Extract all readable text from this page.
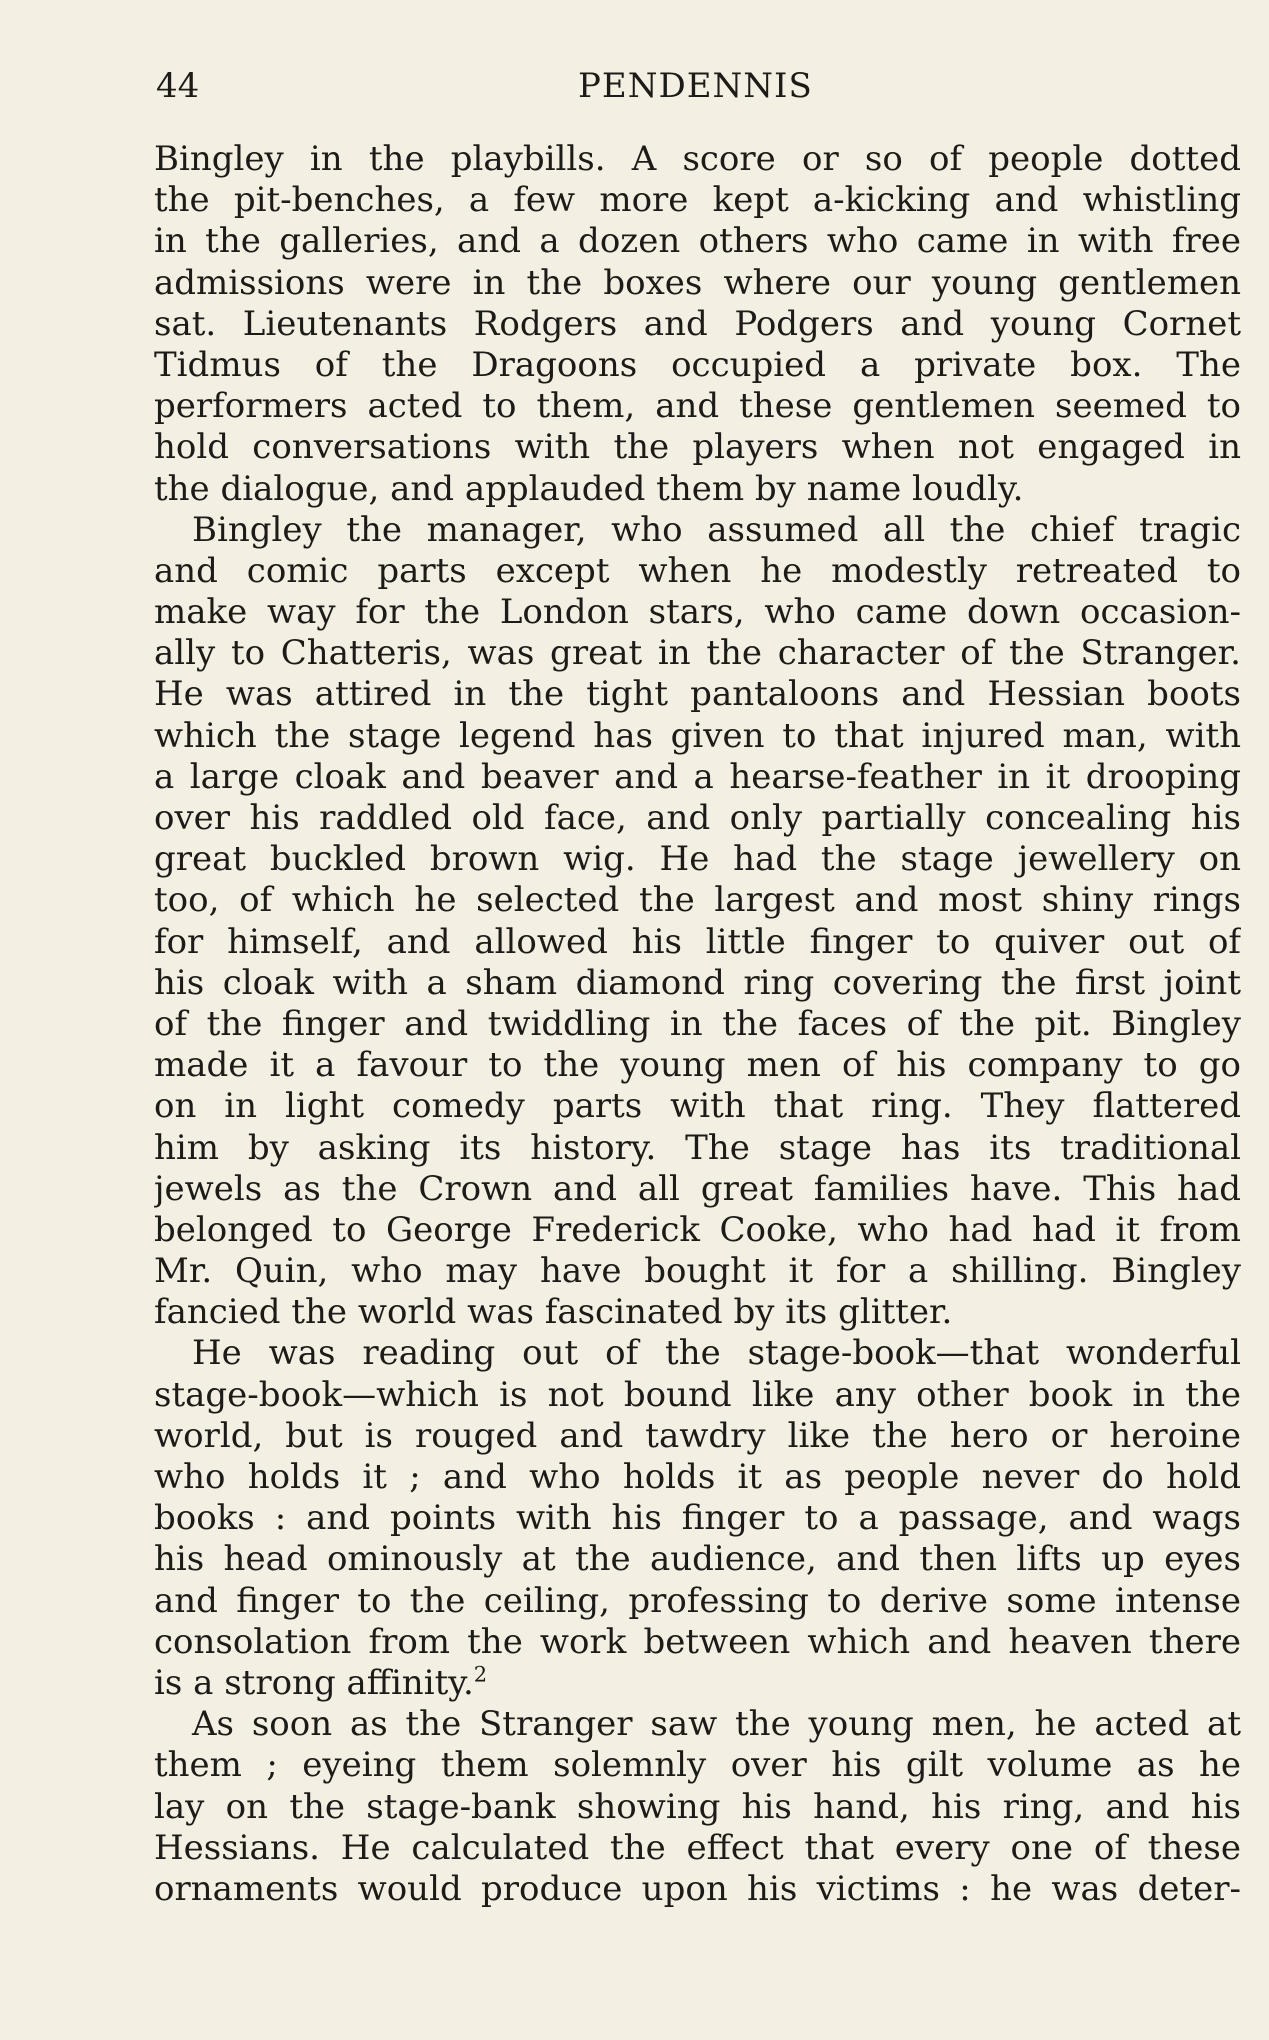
44	PENDENNIS
Bingley in the playbills. A score or so of people dotted
the pit-benches, a few more kept a-kicking and whistling
in the galleries, and a dozen others who came in with free
admissions were in the boxes where our young gentlemen
sat. Lieutenants Rodgers and Podgers and young Cornet
Tidmus of the Dragoons occupied a private box. The
performers acted to them, and these gentlemen seemed to
hold conversations with the players when not engaged in
the dialogue, and applauded them by name loudly.
Bingley the manager, who assumed all the chief tragic
and comic parts except when he modestly retreated to
make way for the London stars, who came down occasion-
ally to Chatteris, was great in the character of the Stranger.
He was attired in the tight pantaloons and Hessian boots
which the stage legend has given to that injured man, with
a large cloak and beaver and a hearse-feather in it drooping
over his raddled old face, and only partially concealing his
great buckled brown wig. He had the stage jewellery on
too, of which he selected the largest and most shiny rings
for himself, and allowed his little finger to quiver out of
his cloak with a sham diamond ring covering the first joint
of the finger and twiddling in the faces of the pit. Bingley
made it a favour to the young men of his company to go
on in light comedy parts with that ring. They flattered
him by asking its history. The stage has its traditional
jewels as the Crown and all great families have. This had
belonged to George Frederick Cooke, who had had it from
Mr. Quin, who may have bought it for a shilling. Bingley
fancied the world was fascinated by its glitter.
He was reading out of the stage-book—that wonderful
stage-book—which is not bound like any other book in the
world, but is rouged and tawdry like the hero or heroine
who holds it ; and who holds it as people never do hold
books : and points with his finger to a passage, and wags
his head ominously at the audience, and then lifts up eyes
and finger to the ceiling, professing to derive some intense
consolation from the work between which and heaven there
is a strong affinity.$^2$
As soon as the Stranger saw the young men, he acted at
them ; eyeing them solemnly over his gilt volume as he
lay on the stage-bank showing his hand, his ring, and his
Hessians. He calculated the effect that every one of these
ornaments would produce upon his victims : he was deter-
